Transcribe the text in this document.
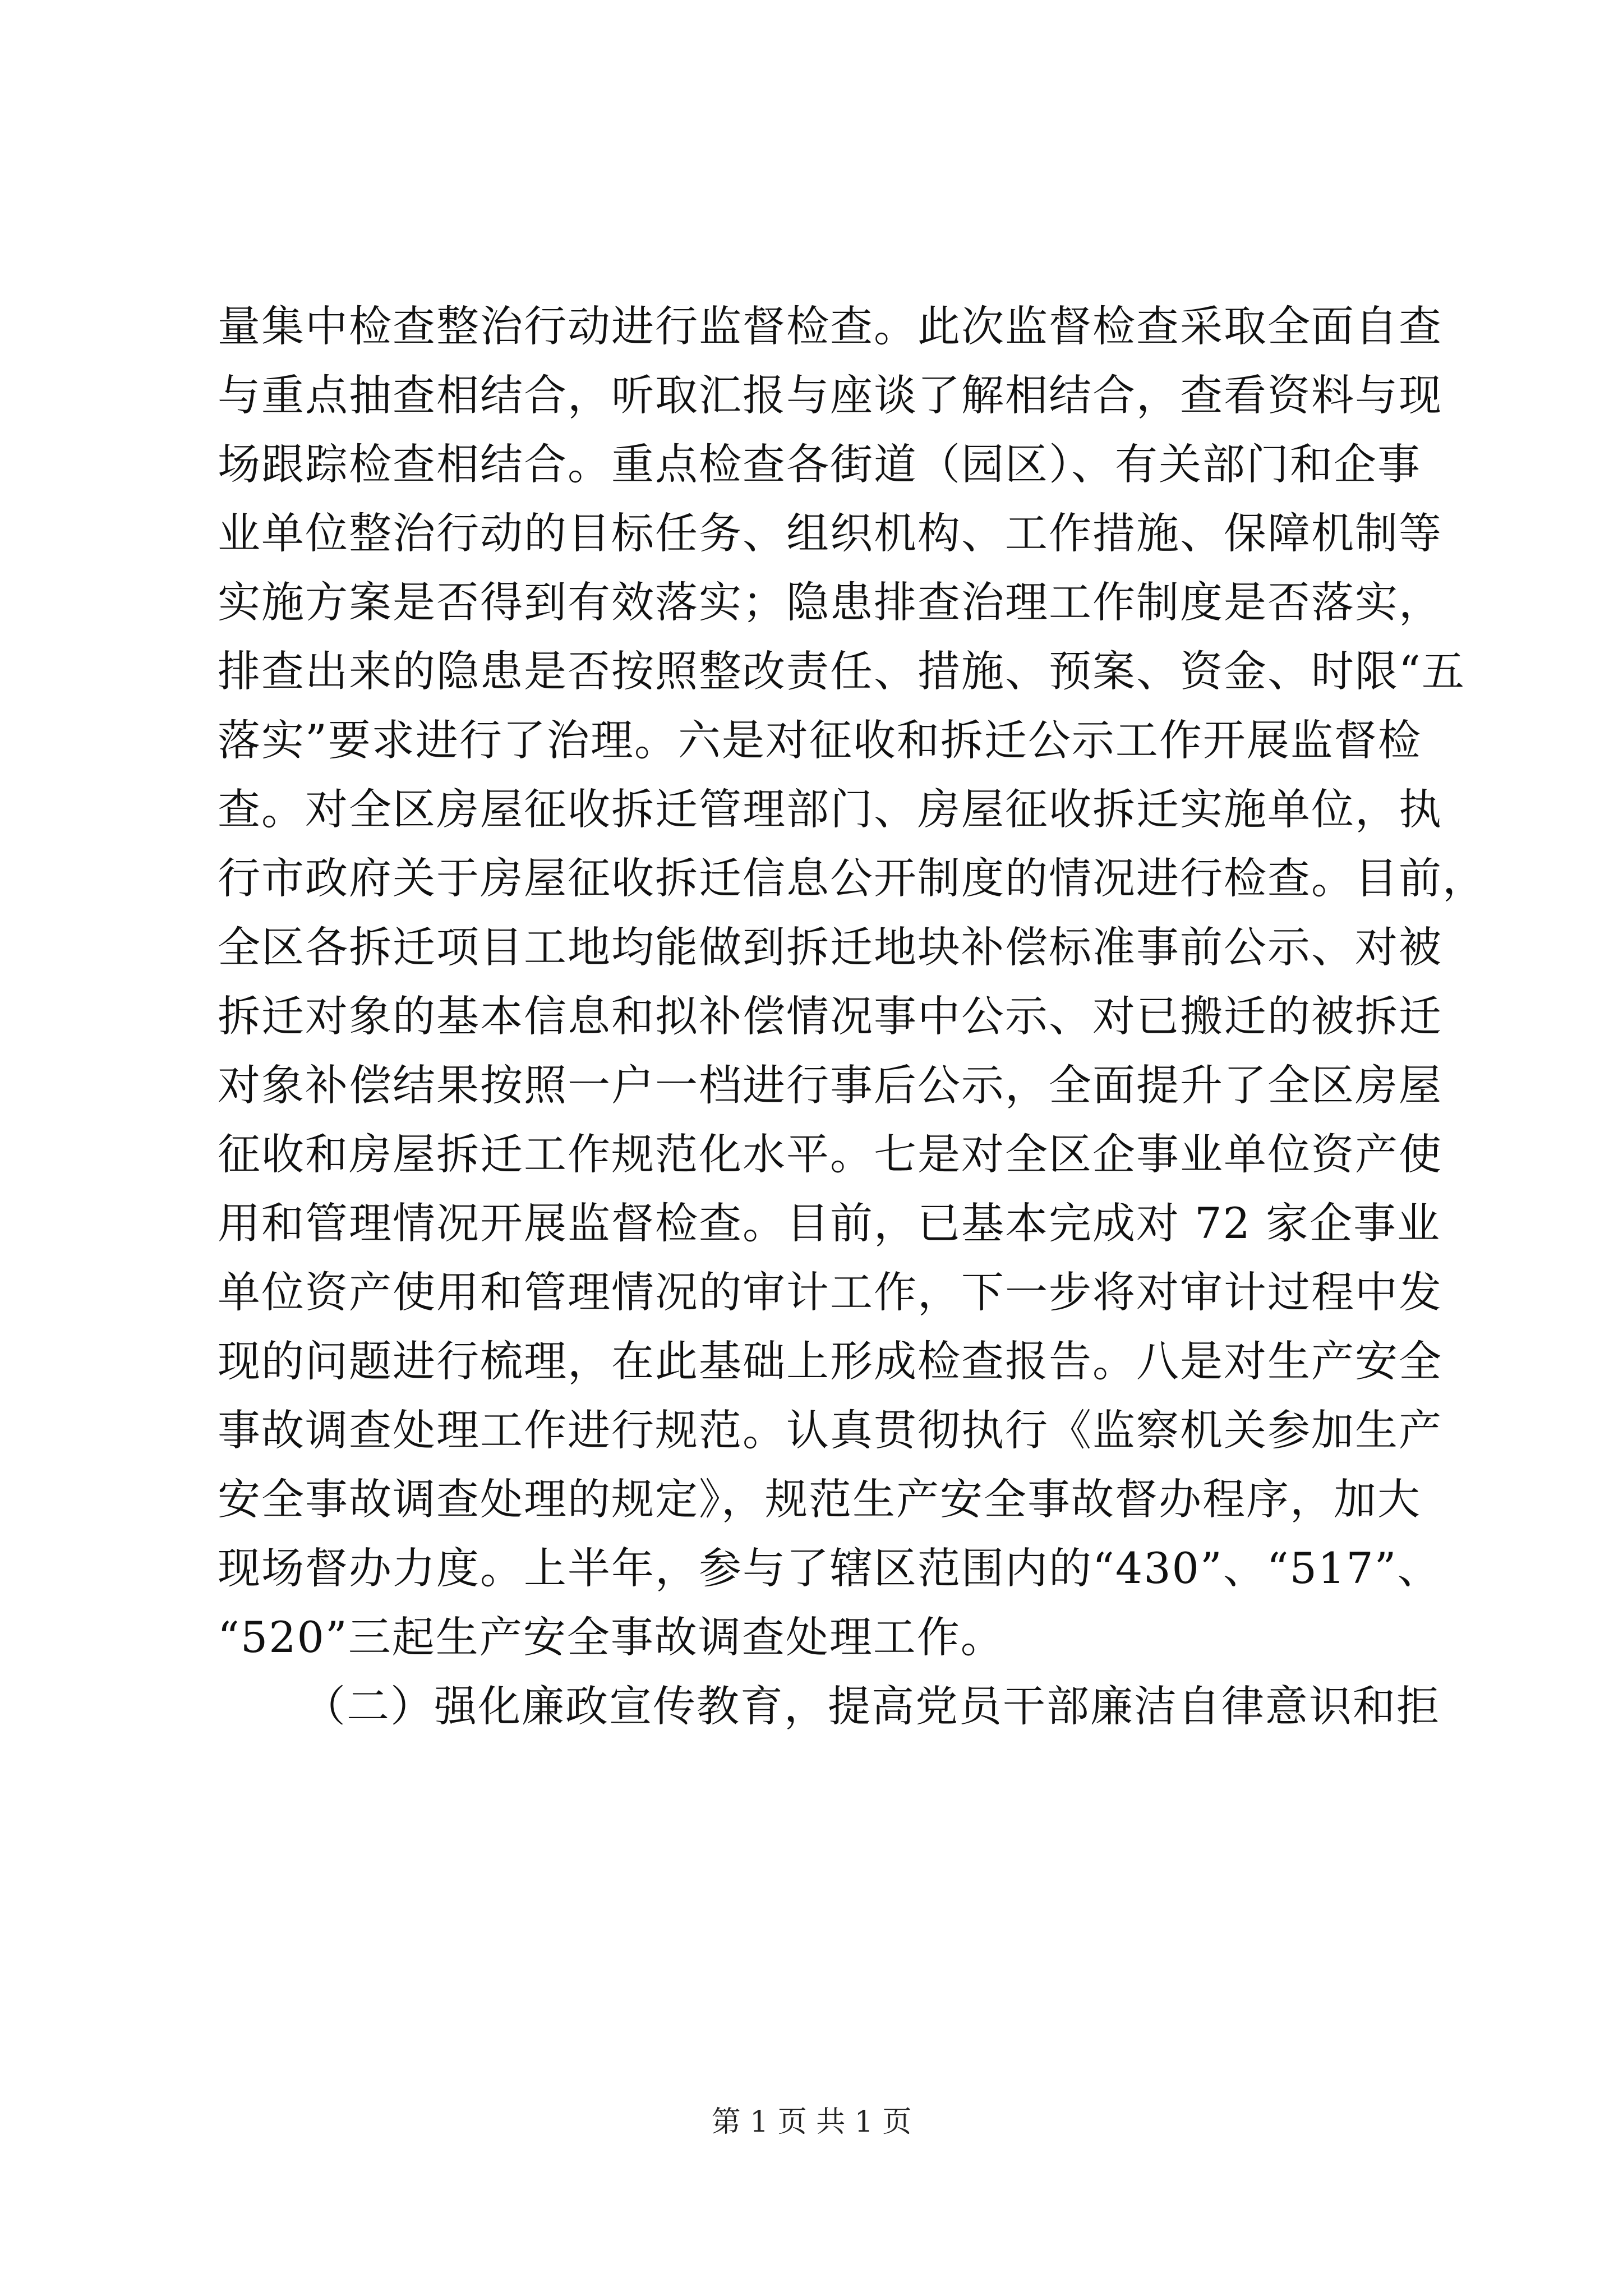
量集中检查整治行动进行监督检查。此次监督检查采取全面自查
与重点抽查相结合，听取汇报与座谈了解相结合，查看资料与现
场跟踪检查相结合。重点检查各街道（园区）、有关部门和企事
业单位整治行动的目标任务、组织机构、工作措施、保障机制等
实施方案是否得到有效落实；隐患排查治理工作制度是否落实，
排查出来的隐患是否按照整改责任、措施、预案、资金、时限“五
落实”要求进行了治理。六是对征收和拆迁公示工作开展监督检
查。对全区房屋征收拆迁管理部门、房屋征收拆迁实施单位，执
行市政府关于房屋征收拆迁信息公开制度的情况进行检查。目前，
全区各拆迁项目工地均能做到拆迁地块补偿标准事前公示、对被
拆迁对象的基本信息和拟补偿情况事中公示、对已搬迁的被拆迁
对象补偿结果按照一户一档进行事后公示，全面提升了全区房屋
征收和房屋拆迁工作规范化水平。七是对全区企事业单位资产使
用和管理情况开展监督检查。目前，已基本完成对 72 家企事业
单位资产使用和管理情况的审计工作，下一步将对审计过程中发
现的问题进行梳理，在此基础上形成检查报告。八是对生产安全
事故调查处理工作进行规范。认真贯彻执行《监察机关参加生产
安全事故调查处理的规定》，规范生产安全事故督办程序，加大
现场督办力度。上半年，参与了辖区范围内的“430”、“517”、
“520”三起生产安全事故调查处理工作。
（二）强化廉政宣传教育，提高党员干部廉洁自律意识和拒
第 1 页 共 1 页
